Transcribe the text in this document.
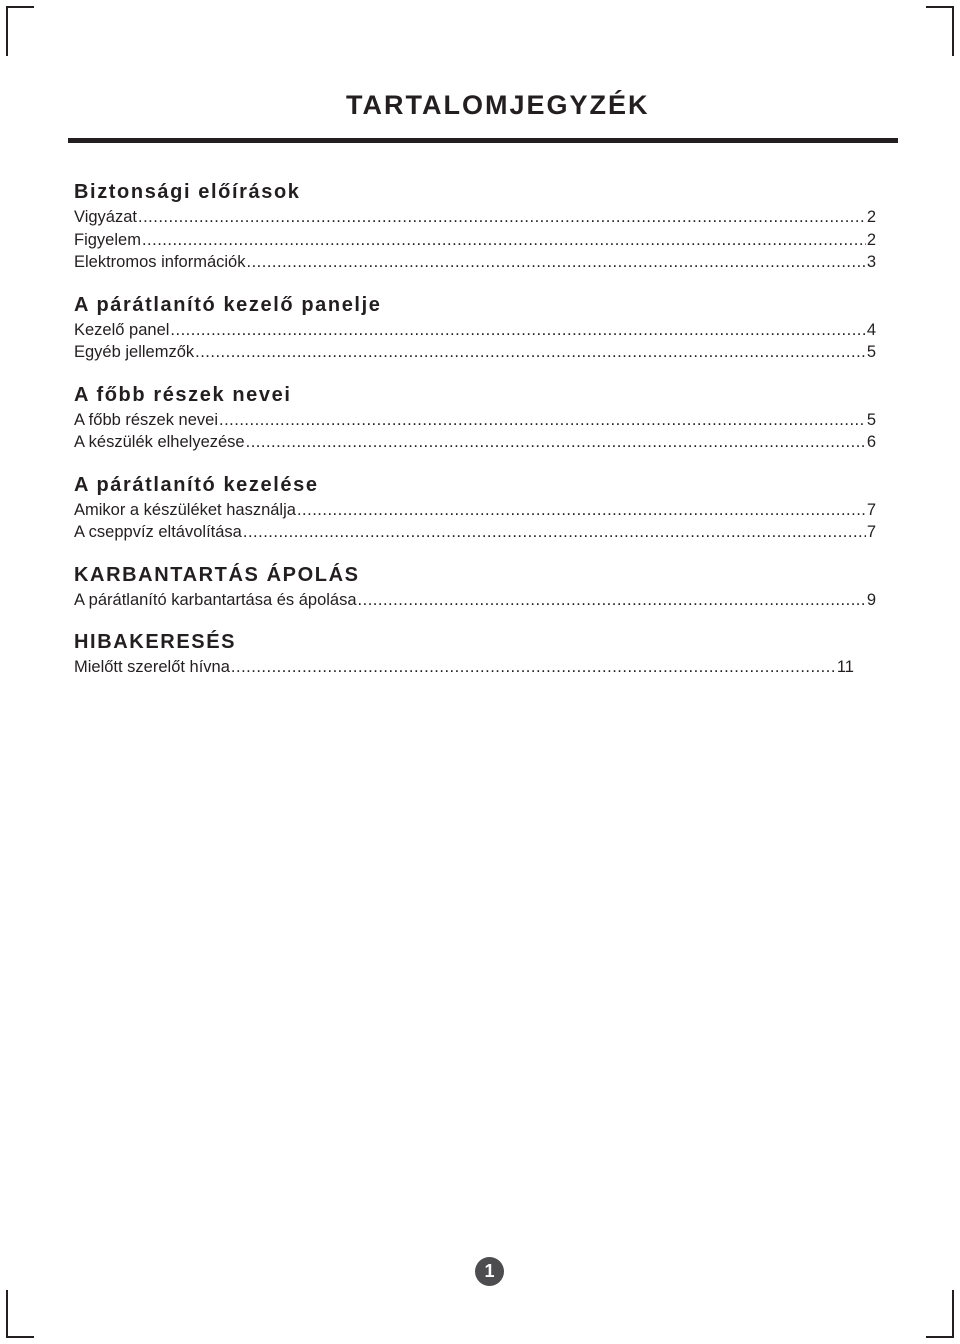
TARTALOMJEGYZÉK
Biztonsági előírások
Vigyázat .....	2
Figyelem .....	2
Elektromos információk .....	3
A párátlanító kezelő panelje
Kezelő panel .....	4
Egyéb jellemzők .....	5
A főbb részek nevei
A főbb részek nevei .....	5
A készülék elhelyezése .....	6
A párátlanító kezelése
Amikor a készüléket használja .....	7
A cseppvíz eltávolítása .....	7
KARBANTARTÁS ÁPOLÁS
A párátlanító karbantartása és ápolása .....	9
HIBAKERESÉS
Mielőtt szerelőt hívna .....	11
1
